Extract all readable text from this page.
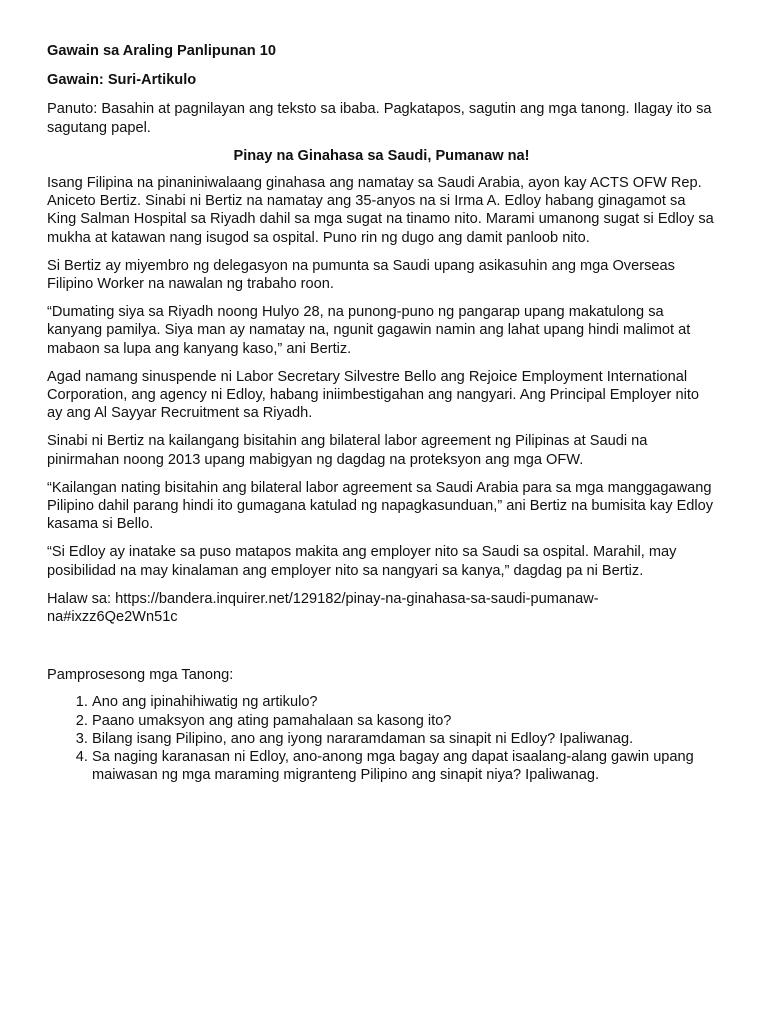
Gawain sa Araling Panlipunan 10
Gawain: Suri-Artikulo

Panuto: Basahin at pagnilayan ang teksto sa ibaba. Pagkatapos, sagutin ang mga tanong. Ilagay ito sa sagutang papel.

Pinay na Ginahasa sa Saudi, Pumanaw na!

Isang Filipina na pinaniniwalaang ginahasa ang namatay sa Saudi Arabia, ayon kay ACTS OFW Rep. Aniceto Bertiz. Sinabi ni Bertiz na namatay ang 35-anyos na si Irma A. Edloy habang ginagamot sa King Salman Hospital sa Riyadh dahil sa mga sugat na tinamo nito. Marami umanong sugat si Edloy sa mukha at katawan nang isugod sa ospital. Puno rin ng dugo ang damit panloob nito.

Si Bertiz ay miyembro ng delegasyon na pumunta sa Saudi upang asikasuhin ang mga Overseas Filipino Worker na nawalan ng trabaho roon.

“Dumating siya sa Riyadh noong Hulyo 28, na punong-puno ng pangarap upang makatulong sa kanyang pamilya. Siya man ay namatay na, ngunit gagawin namin ang lahat upang hindi malimot at mabaon sa lupa ang kanyang kaso,” ani Bertiz.

Agad namang sinuspende ni Labor Secretary Silvestre Bello ang Rejoice Employment International Corporation, ang agency ni Edloy, habang iniimbestigahan ang nangyari. Ang Principal Employer nito ay ang Al Sayyar Recruitment sa Riyadh.

Sinabi ni Bertiz na kailangang bisitahin ang bilateral labor agreement ng Pilipinas at Saudi na pinirmahan noong 2013 upang mabigyan ng dagdag na proteksyon ang mga OFW.

“Kailangan nating bisitahin ang bilateral labor agreement sa Saudi Arabia para sa mga manggagawang Pilipino dahil parang hindi ito gumagana katulad ng napagkasunduan,” ani Bertiz na bumisita kay Edloy kasama si Bello.

“Si Edloy ay inatake sa puso matapos makita ang employer nito sa Saudi sa ospital. Marahil, may posibilidad na may kinalaman ang employer nito sa nangyari sa kanya,” dagdag pa ni Bertiz.

Halaw sa: https://bandera.inquirer.net/129182/pinay-na-ginahasa-sa-saudi-pumanaw-na#ixzz6Qe2Wn51c

Pamprosesong mga Tanong:

1. Ano ang ipinahihiwatig ng artikulo?
2. Paano umaksyon ang ating pamahalaan sa kasong ito?
3. Bilang isang Pilipino, ano ang iyong nararamdaman sa sinapit ni Edloy? Ipaliwanag.
4. Sa naging karanasan ni Edloy, ano-anong mga bagay ang dapat isaalang-alang gawin upang maiwasan ng mga maraming migranteng Pilipino ang sinapit niya? Ipaliwanag.
